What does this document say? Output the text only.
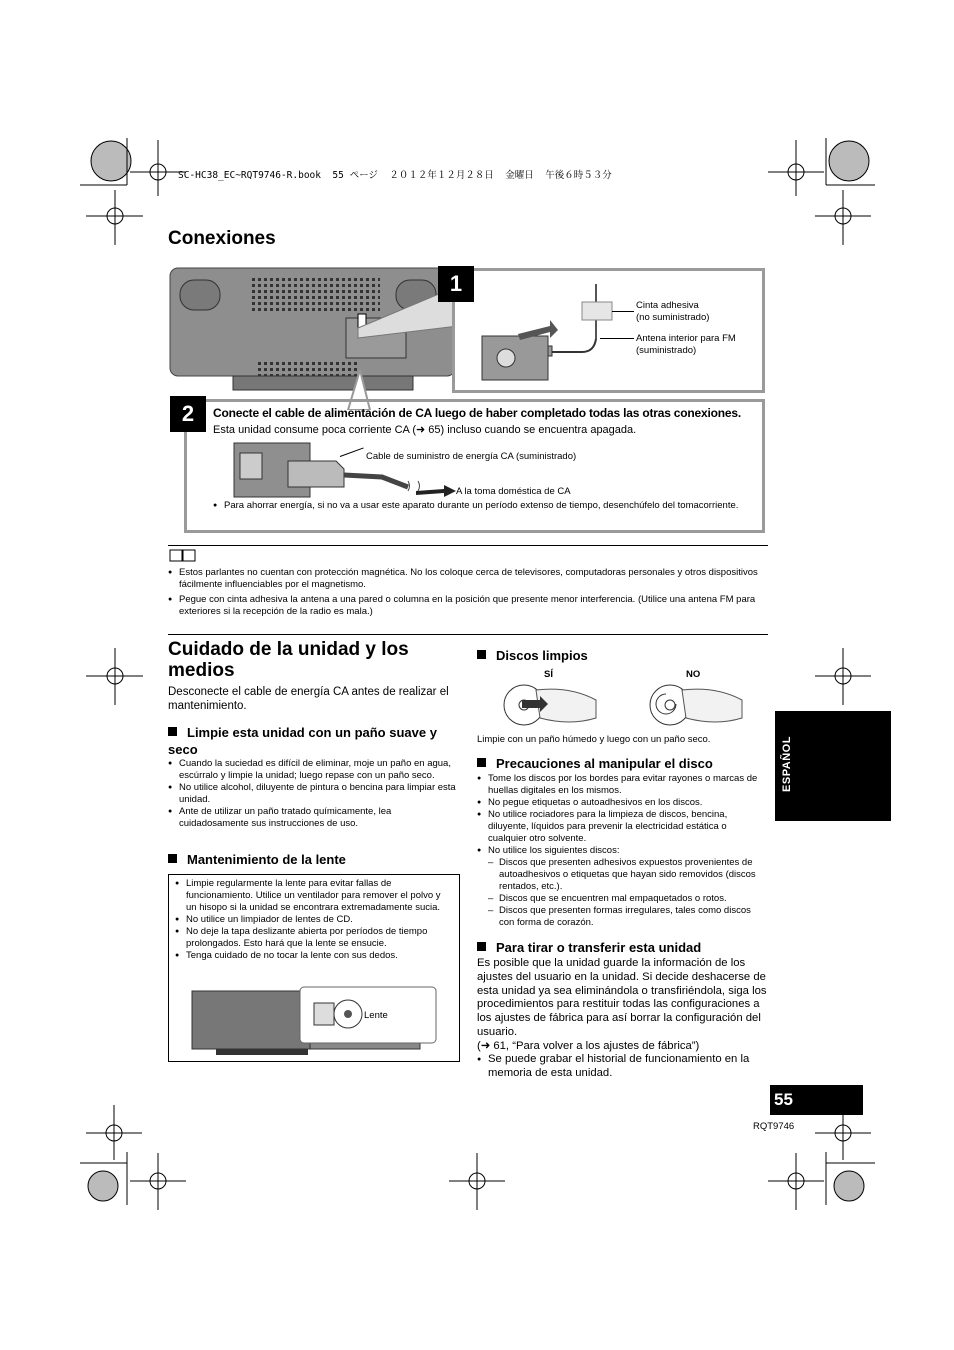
SC-HC38_EC~RQT9746-R.book  55 ページ  ２０１２年１２月２８日  金曜日  午後６時５３分
Conexiones
1
Cinta adhesiva
(no suministrado)
Antena interior para FM
(suministrado)
2	Conecte el cable de alimentación de CA luego de haber completado todas las otras conexiones.
Esta unidad consume poca corriente CA (➜ 65) incluso cuando se encuentra apagada.
Cable de suministro de energía CA (suministrado)
A la toma doméstica de CA
● Para ahorrar energía, si no va a usar este aparato durante un período extenso de tiempo, desenchúfelo del tomacorriente.
● Estos parlantes no cuentan con protección magnética. No los coloque cerca de televisores, computadoras personales y otros dispositivos fácilmente influenciables por el magnetismo.
● Pegue con cinta adhesiva la antena a una pared o columna en la posición que presente menor interferencia. (Utilice una antena FM para exteriores si la recepción de la radio es mala.)
Cuidado de la unidad y los medios
Desconecte el cable de energía CA antes de realizar el mantenimiento.
Limpie esta unidad con un paño suave y seco
● Cuando la suciedad es difícil de eliminar, moje un paño en agua, escúrralo y limpie la unidad; luego repase con un paño seco.
● No utilice alcohol, diluyente de pintura o bencina para limpiar esta unidad.
● Ante de utilizar un paño tratado químicamente, lea cuidadosamente sus instrucciones de uso.
Mantenimiento de la lente
● Limpie regularmente la lente para evitar fallas de funcionamiento. Utilice un ventilador para remover el polvo y un hisopo si la unidad se encontrara extremadamente sucia.
● No utilice un limpiador de lentes de CD.
● No deje la tapa deslizante abierta por períodos de tiempo prolongados. Esto hará que la lente se ensucie.
● Tenga cuidado de no tocar la lente con sus dedos.
Lente
Discos limpios
SÍ	NO
Limpie con un paño húmedo y luego con un paño seco.
Precauciones al manipular el disco
● Tome los discos por los bordes para evitar rayones o marcas de huellas digitales en los mismos.
● No pegue etiquetas o autoadhesivos en los discos.
● No utilice rociadores para la limpieza de discos, bencina, diluyente, líquidos para prevenir la electricidad estática o cualquier otro solvente.
● No utilice los siguientes discos:
– Discos que presenten adhesivos expuestos provenientes de autoadhesivos o etiquetas que hayan sido removidos (discos rentados, etc.).
– Discos que se encuentren mal empaquetados o rotos.
– Discos que presenten formas irregulares, tales como discos con forma de corazón.
Para tirar o transferir esta unidad
Es posible que la unidad guarde la información de los ajustes del usuario en la unidad. Si decide deshacerse de esta unidad ya sea eliminándola o transfiriéndola, siga los procedimientos para restituir todas las configuraciones a los ajustes de fábrica para así borrar la configuración del usuario.
(➜ 61, “Para volver a los ajustes de fábrica”)
● Se puede grabar el historial de funcionamiento en la memoria de esta unidad.
ESPAÑOL
55
RQT9746
